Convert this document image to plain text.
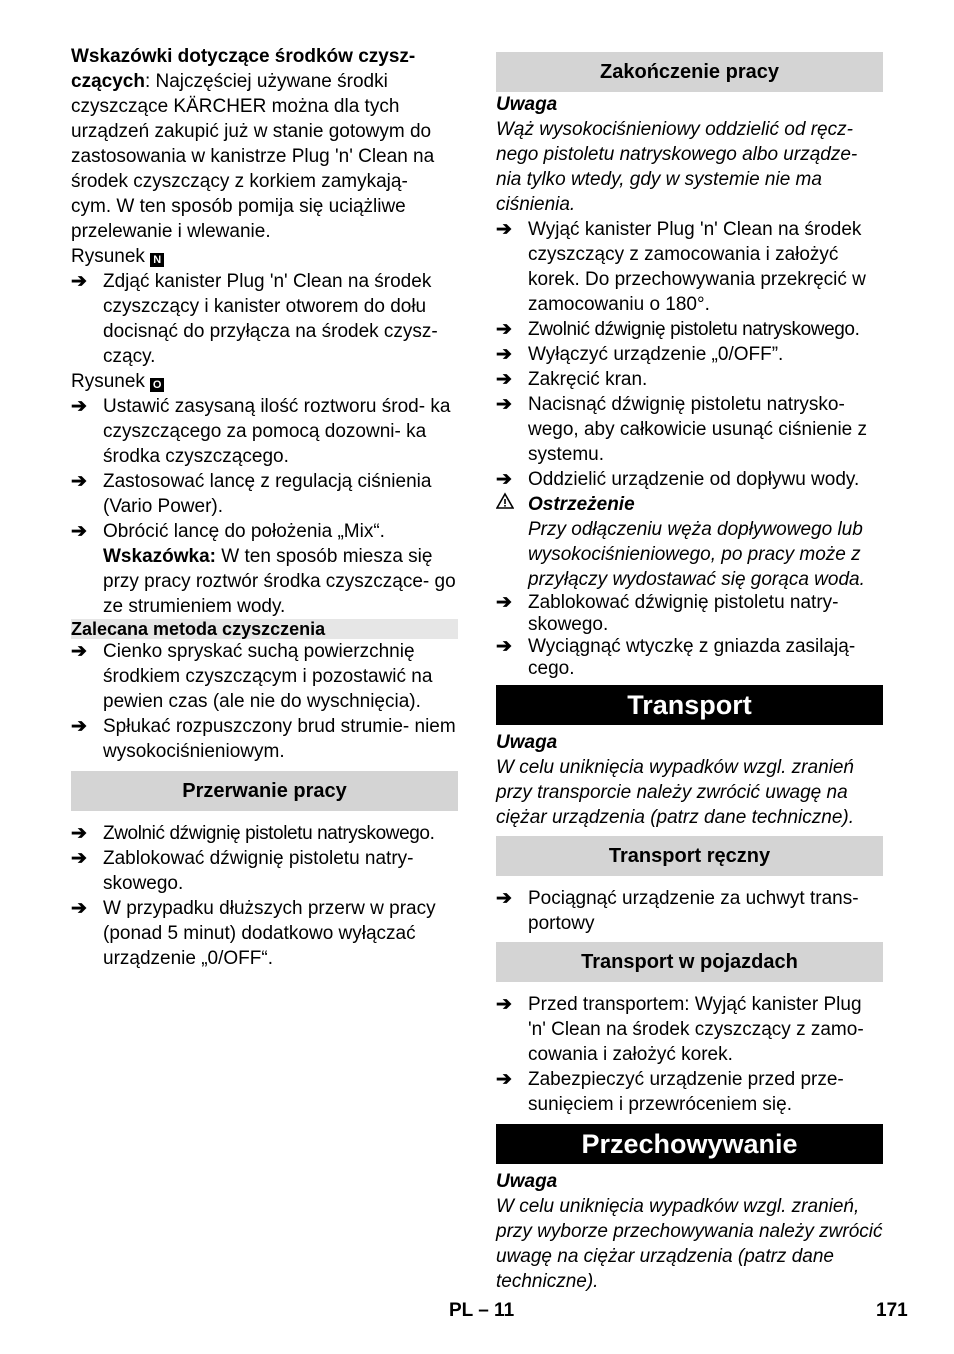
Wskazówki dotyczące środków czysz- czących: Najczęściej używane środki czyszczące KÄRCHER można dla tych urządzeń zakupić już w stanie gotowym do zastosowania w kanistrze Plug 'n' Clean na środek czyszczący z korkiem zamykają- cym. W ten sposób pomija się uciążliwe przelewanie i wlewanie.

Rysunek N

➔ Zdjąć kanister Plug 'n' Clean na środek czyszczący i kanister otworem do dołu docisnąć do przyłącza na środek czysz- czący.

Rysunek O

➔ Ustawić zasysaną ilość roztworu środ- ka czyszczącego za pomocą dozowni- ka środka czyszczącego.
➔ Zastosować lancę z regulacją ciśnienia (Vario Power).
➔ Obrócić lancę do położenia „Mix“.

Wskazówka: W ten sposób miesza się przy pracy roztwór środka czyszczące- go ze strumieniem wody.

Zalecana metoda czyszczenia
➔ Cienko spryskać suchą powierzchnię środkiem czyszczącym i pozostawić na pewien czas (ale nie do wyschnięcia).
➔ Spłukać rozpuszczony brud strumie- niem wysokociśnieniowym.
Przerwanie pracy
➔ Zwolnić dźwignię pistoletu natryskowego.
➔ Zablokować dźwignię pistoletu natry- skowego.
➔ W przypadku dłuższych przerw w pracy (ponad 5 minut) dodatkowo wyłączać urządzenie „0/OFF“.
Zakończenie pracy

Uwaga

Wąż wysokociśnieniowy oddzielić od ręcz- nego pistoletu natryskowego albo urządze- nia tylko wtedy, gdy w systemie nie ma ciśnienia.

➔ Wyjąć kanister Plug 'n' Clean na środek czyszczący z zamocowania i założyć korek. Do przechowywania przekręcić w zamocowaniu o 180°.
➔ Zwolnić dźwignię pistoletu natryskowego.
➔ Wyłączyć urządzenie „0/OFF”.
➔ Zakręcić kran.
➔ Nacisnąć dźwignię pistoletu natrysko- wego, aby całkowicie usunąć ciśnienie z systemu.
➔ Oddzielić urządzenie od dopływu wody.

Ostrzeżenie

Przy odłączeniu węża dopływowego lub wysokociśnieniowego, po pracy może z przyłączy wydostawać się gorąca woda.

➔ Zablokować dźwignię pistoletu natry- skowego.
➔ Wyciągnąć wtyczkę z gniazda zasilają- cego.
Transport

Uwaga

W celu uniknięcia wypadków wzgl. zranień przy transporcie należy zwrócić uwagę na ciężar urządzenia (patrz dane techniczne).

Transport ręczny
➔ Pociągnąć urządzenie za uchwyt trans- portowy
Transport w pojazdach
➔ Przed transportem: Wyjąć kanister Plug 'n' Clean na środek czyszczący z zamo- cowania i założyć korek.
➔ Zabezpieczyć urządzenie przed prze- sunięciem i przewróceniem się.
Przechowywanie

Uwaga

W celu uniknięcia wypadków wzgl. zranień, przy wyborze przechowywania należy zwrócić uwagę na ciężar urządzenia (patrz dane techniczne).

PL – 11	171
